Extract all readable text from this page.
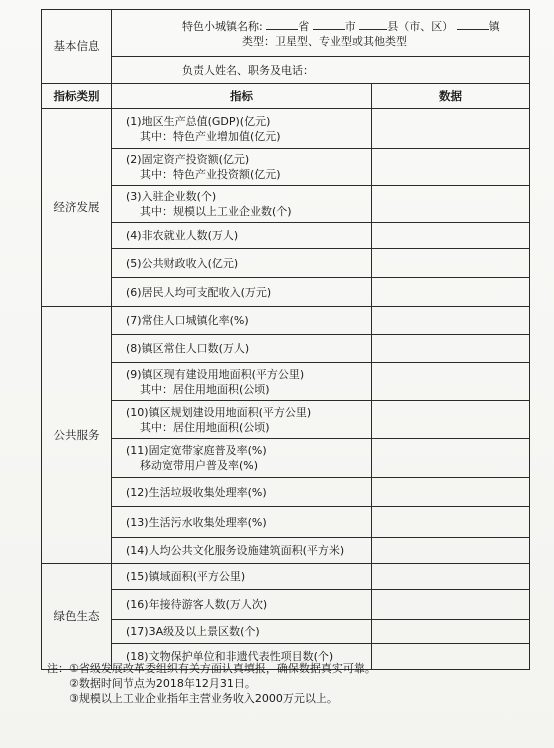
基本信息	特色小城镇名称: 省 市 县（市、区） 镇
类型：卫星型、专业型或其他类型	

	负责人姓名、职务及电话：	
指标类别	指标	数据
经济发展	(1)地区生产总值(GDP)(亿元)
其中：特色产业增加值(亿元)	

	(2)固定资产投资额(亿元)
其中：特色产业投资额(亿元)	

	(3)入驻企业数(个)
其中：规模以上工业企业数(个)	

	(4)非农就业人数(万人)	

	(5)公共财政收入(亿元)	

	(6)居民人均可支配收入(万元)	

公共服务	(7)常住人口城镇化率(%)	

	(8)镇区常住人口数(万人)	

	(9)镇区现有建设用地面积(平方公里)
其中：居住用地面积(公顷)	

	(10)镇区规划建设用地面积(平方公里)
其中：居住用地面积(公顷)	

	(11)固定宽带家庭普及率(%)
移动宽带用户普及率(%)	

	(12)生活垃圾收集处理率(%)	

	(13)生活污水收集处理率(%)	

	(14)人均公共文化服务设施建筑面积(平方米)	

绿色生态	(15)镇域面积(平方公里)	

	(16)年接待游客人数(万人次)	

	(17)3A级及以上景区数(个)	

	(18)文物保护单位和非遗代表性项目数(个)	

注：①省级发展改革委组织有关方面认真填报，确保数据真实可靠。
②数据时间节点为2018年12月31日。
③规模以上工业企业指年主营业务收入2000万元以上。
